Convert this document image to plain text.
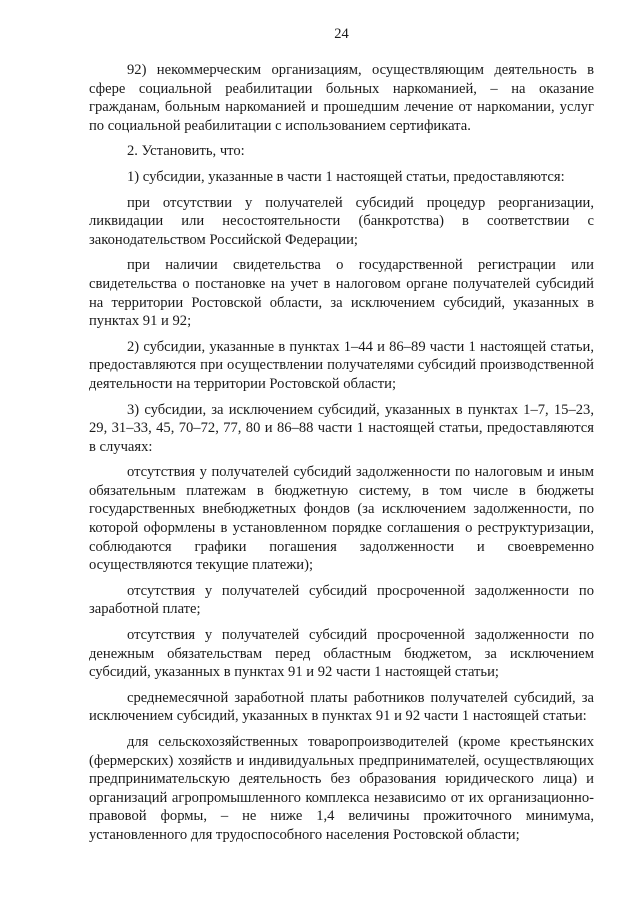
24

92) некоммерческим организациям, осуществляющим деятельность в сфере социальной реабилитации больных наркоманией, – на оказание гражданам, больным наркоманией и прошедшим лечение от наркомании, услуг по социальной реабилитации с использованием сертификата.

2. Установить, что:

1) субсидии, указанные в части 1 настоящей статьи, предоставляются:

при отсутствии у получателей субсидий процедур реорганизации, ликвидации или несостоятельности (банкротства) в соответствии с законодательством Российской Федерации;

при наличии свидетельства о государственной регистрации или свидетельства о постановке на учет в налоговом органе получателей субсидий на территории Ростовской области, за исключением субсидий, указанных в пунктах 91 и 92;

2) субсидии, указанные в пунктах 1–44 и 86–89 части 1 настоящей статьи, предоставляются при осуществлении получателями субсидий производственной деятельности на территории Ростовской области;

3) субсидии, за исключением субсидий, указанных в пунктах 1–7, 15–23, 29, 31–33, 45, 70–72, 77, 80 и 86–88 части 1 настоящей статьи, предоставляются в случаях:

отсутствия у получателей субсидий задолженности по налоговым и иным обязательным платежам в бюджетную систему, в том числе в бюджеты государственных внебюджетных фондов (за исключением задолженности, по которой оформлены в установленном порядке соглашения о реструктуризации, соблюдаются графики погашения задолженности и своевременно осуществляются текущие платежи);

отсутствия у получателей субсидий просроченной задолженности по заработной плате;

отсутствия у получателей субсидий просроченной задолженности по денежным обязательствам перед областным бюджетом, за исключением субсидий, указанных в пунктах 91 и 92 части 1 настоящей статьи;

среднемесячной заработной платы работников получателей субсидий, за исключением субсидий, указанных в пунктах 91 и 92 части 1 настоящей статьи:

для сельскохозяйственных товаропроизводителей (кроме крестьянских (фермерских) хозяйств и индивидуальных предпринимателей, осуществляющих предпринимательскую деятельность без образования юридического лица) и организаций агропромышленного комплекса независимо от их организационно-правовой формы, – не ниже 1,4 величины прожиточного минимума, установленного для трудоспособного населения Ростовской области;
